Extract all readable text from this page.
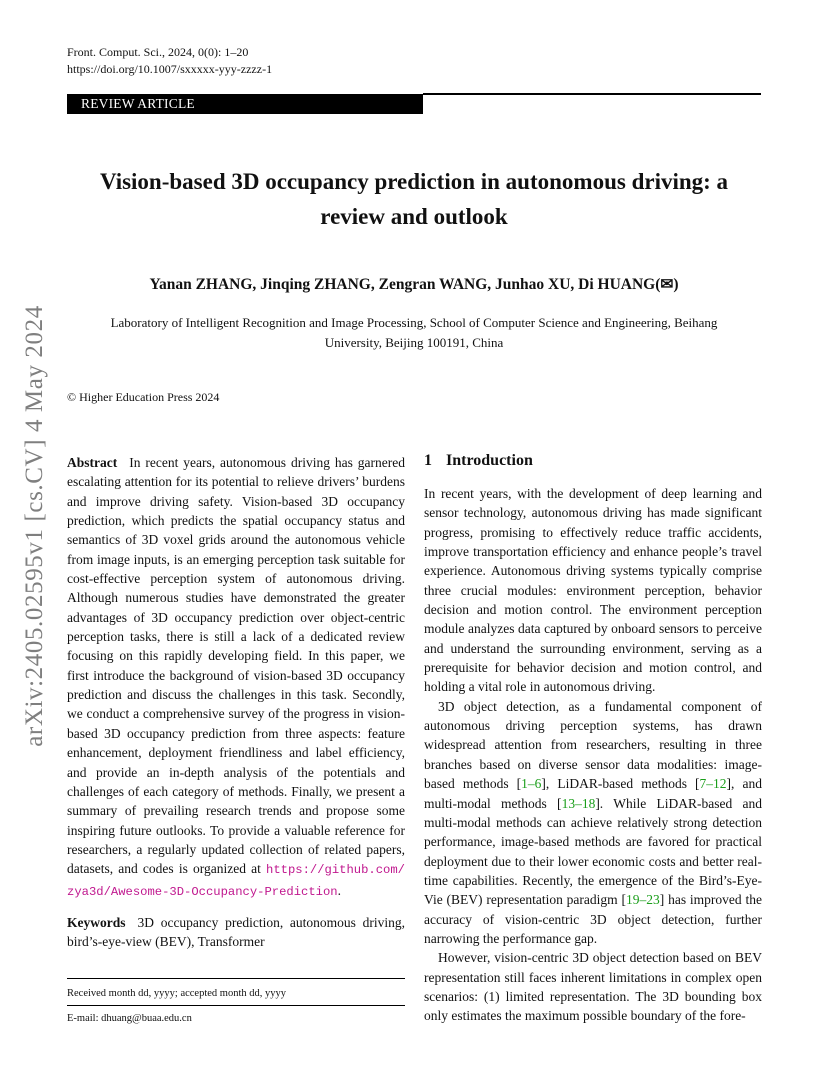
Front. Comput. Sci., 2024, 0(0): 1–20
https://doi.org/10.1007/sxxxxx-yyy-zzzz-1
REVIEW ARTICLE
Vision-based 3D occupancy prediction in autonomous driving: a
review and outlook
Yanan ZHANG, Jinqing ZHANG, Zengran WANG, Junhao XU, Di HUANG(✉)
Laboratory of Intelligent Recognition and Image Processing, School of Computer Science and Engineering, Beihang
University, Beijing 100191, China
© Higher Education Press 2024
arXiv:2405.02595v1 [cs.CV] 4 May 2024 Abstract In recent years, autonomous driving has garnered escalating attention for its potential to relieve drivers’ burdens and improve driving safety. Vision-based 3D occupancy prediction, which predicts the spatial occupancy status and semantics of 3D voxel grids around the autonomous vehicle from image inputs, is an emerging perception task suitable for cost-effective perception system of autonomous driving. Although numerous studies have demonstrated the greater advantages of 3D occupancy prediction over object-centric perception tasks, there is still a lack of a dedicated review focusing on this rapidly developing field. In this paper, we first introduce the background of vision-based 3D occupancy prediction and discuss the challenges in this task. Secondly, we conduct a comprehensive survey of the progress in vision-based 3D occupancy prediction from three aspects: feature enhancement, deployment friendliness and label efficiency, and provide an in-depth analysis of the potentials and challenges of each category of methods. Finally, we present a summary of prevailing research trends and propose some inspiring future outlooks. To provide a valuable reference for researchers, a regularly updated collection of related papers, datasets, and codes is organized at https://github.com/ zya3d/Awesome-3D-Occupancy-Prediction.

Keywords 3D occupancy prediction, autonomous driving, bird’s-eye-view (BEV), Transformer

Received month dd, yyyy; accepted month dd, yyyy
E-mail: dhuang@buaa.edu.cn
1 Introduction

In recent years, with the development of deep learning and sensor technology, autonomous driving has made significant progress, promising to effectively reduce traffic accidents, improve transportation efficiency and enhance people’s travel experience. Autonomous driving systems typically comprise three crucial modules: environment perception, behavior decision and motion control. The environment perception module analyzes data captured by onboard sensors to perceive and understand the surrounding environment, serving as a prerequisite for behavior decision and motion control, and holding a vital role in autonomous driving.

3D object detection, as a fundamental component of autonomous driving perception systems, has drawn widespread attention from researchers, resulting in three branches based on diverse sensor data modalities: image-based methods [1–6], LiDAR-based methods [7–12], and multi-modal methods [13–18]. While LiDAR-based and multi-modal methods can achieve relatively strong detection performance, image-based methods are favored for practical deployment due to their lower economic costs and better real-time capabilities. Recently, the emergence of the Bird’s-Eye-Vie (BEV) representation paradigm [19–23] has improved the accuracy of vision-centric 3D object detection, further narrowing the performance gap.

However, vision-centric 3D object detection based on BEV representation still faces inherent limitations in complex open scenarios: (1) limited representation. The 3D bounding box only estimates the maximum possible boundary of the fore-
